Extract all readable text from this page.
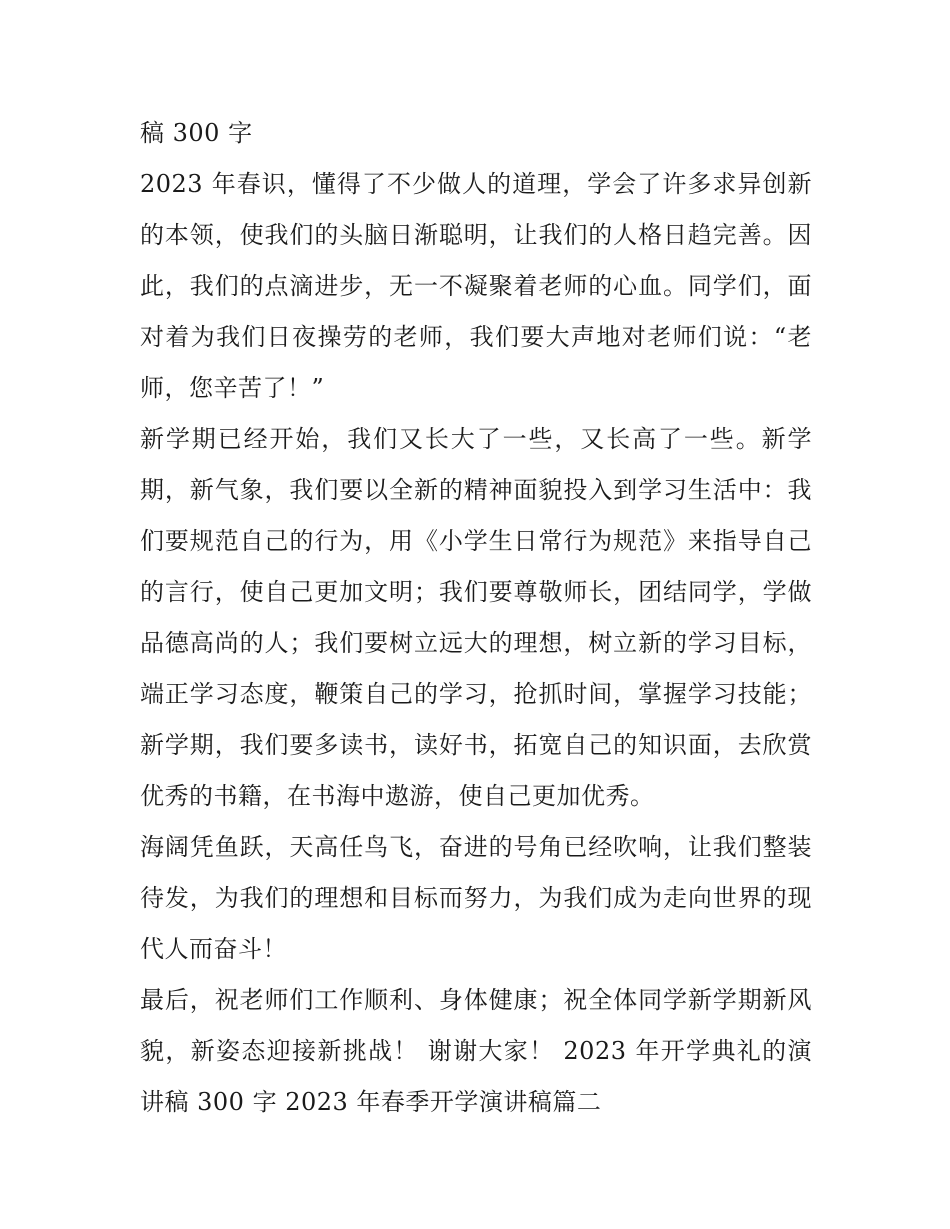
稿 300 字

2023 年春识，懂得了不少做人的道理，学会了许多求异创新的本领，使我们的头脑日渐聪明，让我们的人格日趋完善。因此，我们的点滴进步，无一不凝聚着老师的心血。同学们，面对着为我们日夜操劳的老师，我们要大声地对老师们说：“老师，您辛苦了！”

新学期已经开始，我们又长大了一些，又长高了一些。新学期，新气象，我们要以全新的精神面貌投入到学习生活中：我们要规范自己的行为，用《小学生日常行为规范》来指导自己的言行，使自己更加文明；我们要尊敬师长，团结同学，学做品德高尚的人；我们要树立远大的理想，树立新的学习目标，端正学习态度，鞭策自己的学习，抢抓时间，掌握学习技能；新学期，我们要多读书，读好书，拓宽自己的知识面，去欣赏优秀的书籍，在书海中遨游，使自己更加优秀。

海阔凭鱼跃，天高任鸟飞，奋进的号角已经吹响，让我们整装待发，为我们的理想和目标而努力，为我们成为走向世界的现代人而奋斗！

最后，祝老师们工作顺利、身体健康；祝全体同学新学期新风貌，新姿态迎接新挑战！ 谢谢大家！ 2023 年开学典礼的演讲稿 300 字 2023 年春季开学演讲稿篇二
